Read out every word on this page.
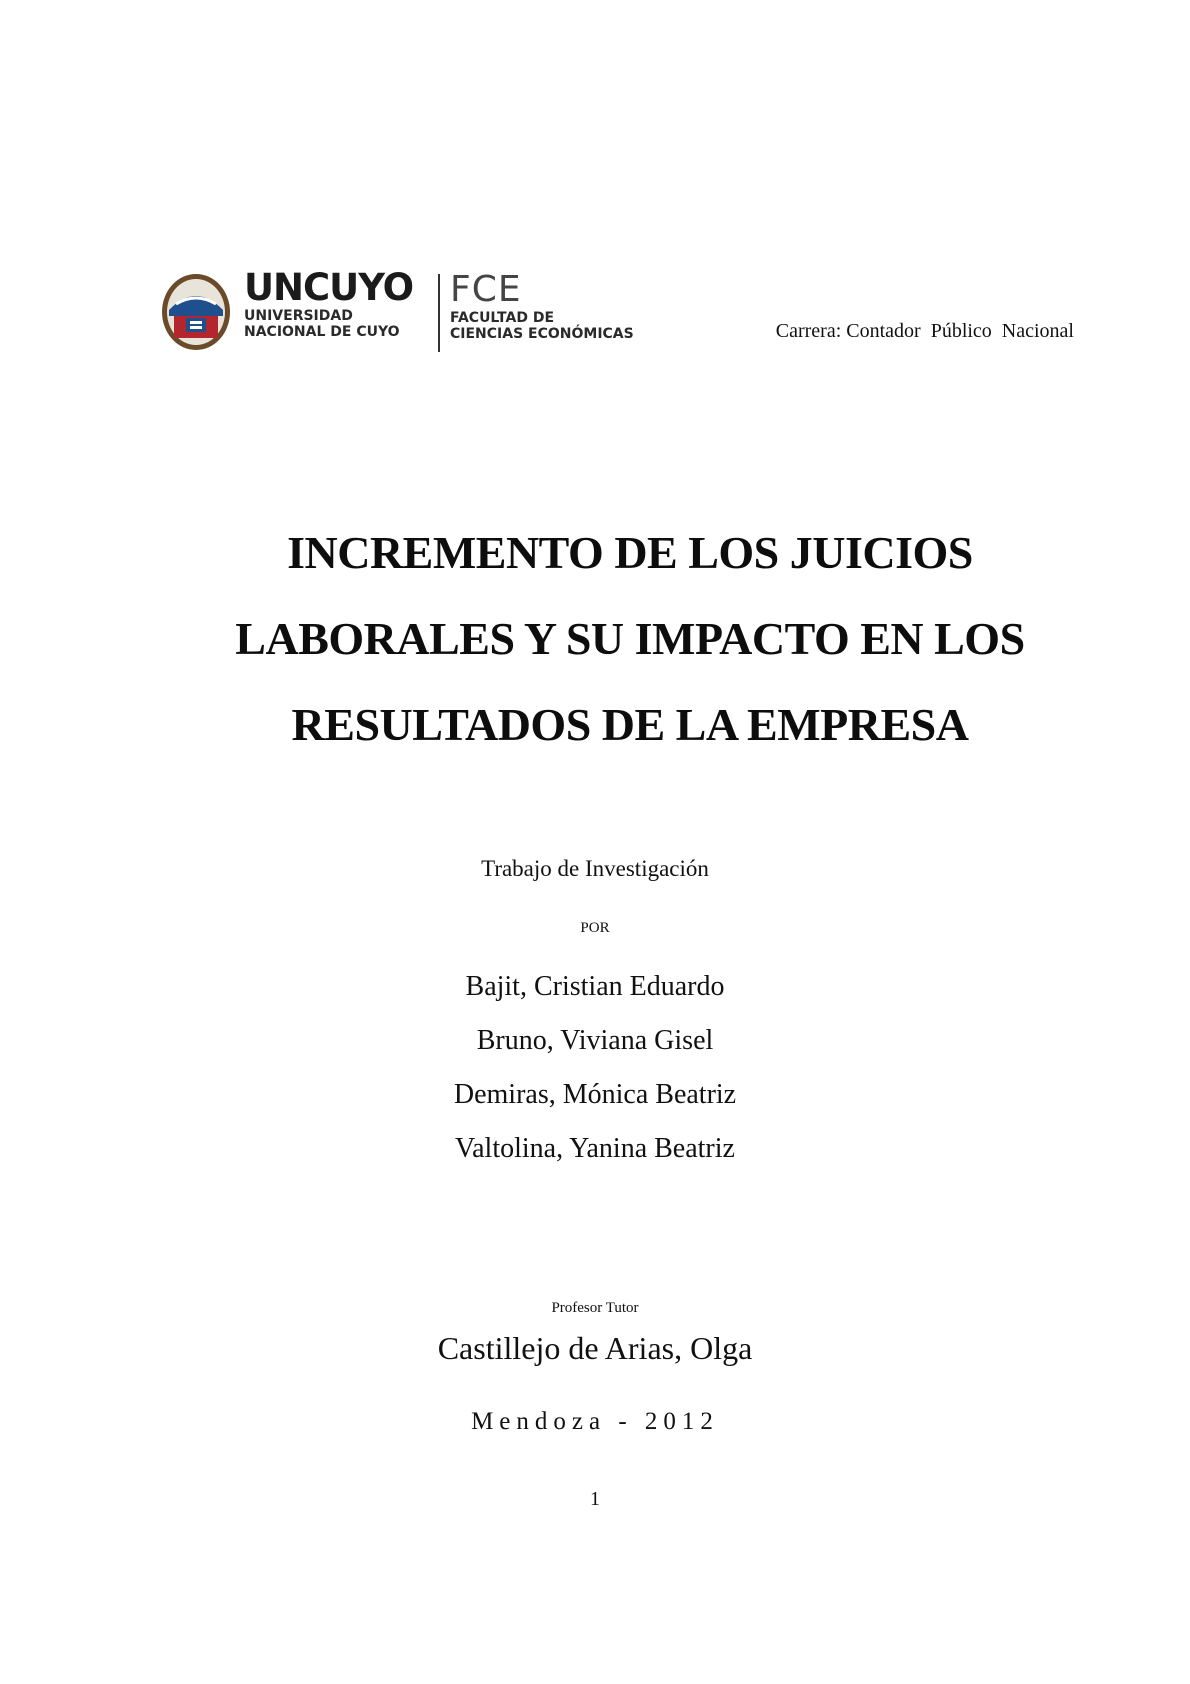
UNCUYO
UNIVERSIDAD
NACIONAL DE CUYO
FCE
FACULTAD DE
CIENCIAS ECONÓMICAS	Carrera: Contador  Público  Nacional
INCREMENTO DE LOS JUICIOS
LABORALES Y SU IMPACTO EN LOS
RESULTADOS DE LA EMPRESA
Trabajo de Investigación
POR
Bajit, Cristian Eduardo
Bruno, Viviana Gisel
Demiras, Mónica Beatriz
Valtolina, Yanina Beatriz
Profesor Tutor
Castillejo de Arias, Olga
Mendoza - 2012
1
